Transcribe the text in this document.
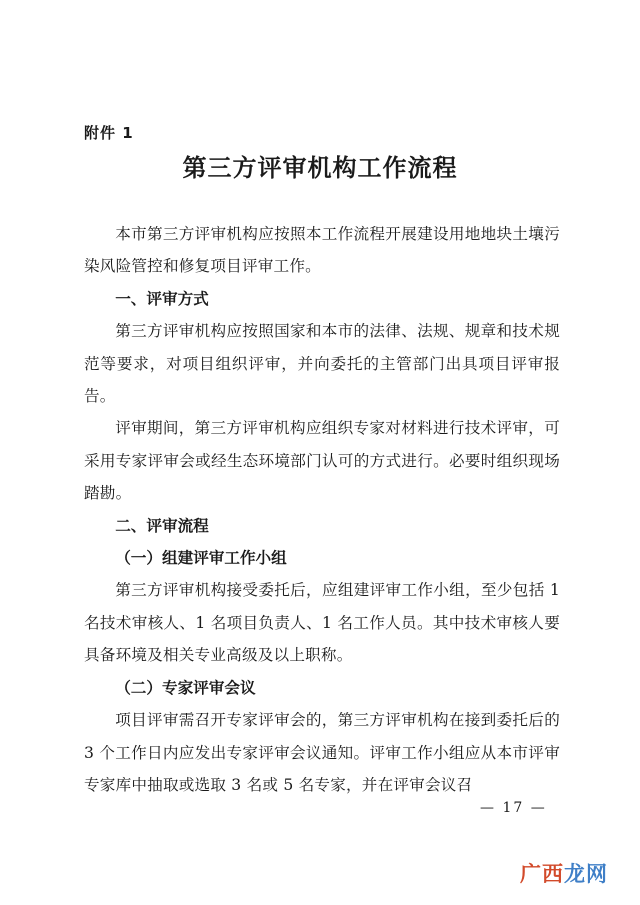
附件 1
第三方评审机构工作流程

本市第三方评审机构应按照本工作流程开展建设用地地块土壤污染风险管控和修复项目评审工作。

一、评审方式

第三方评审机构应按照国家和本市的法律、法规、规章和技术规范等要求，对项目组织评审，并向委托的主管部门出具项目评审报告。

评审期间，第三方评审机构应组织专家对材料进行技术评审，可采用专家评审会或经生态环境部门认可的方式进行。必要时组织现场踏勘。

二、评审流程

（一）组建评审工作小组

第三方评审机构接受委托后，应组建评审工作小组，至少包括 1 名技术审核人、1 名项目负责人、1 名工作人员。其中技术审核人要具备环境及相关专业高级及以上职称。

（二）专家评审会议

项目评审需召开专家评审会的，第三方评审机构在接到委托后的 3 个工作日内应发出专家评审会议通知。评审工作小组应从本市评审专家库中抽取或选取 3 名或 5 名专家，并在评审会议召

— 17 —
广西龙网
